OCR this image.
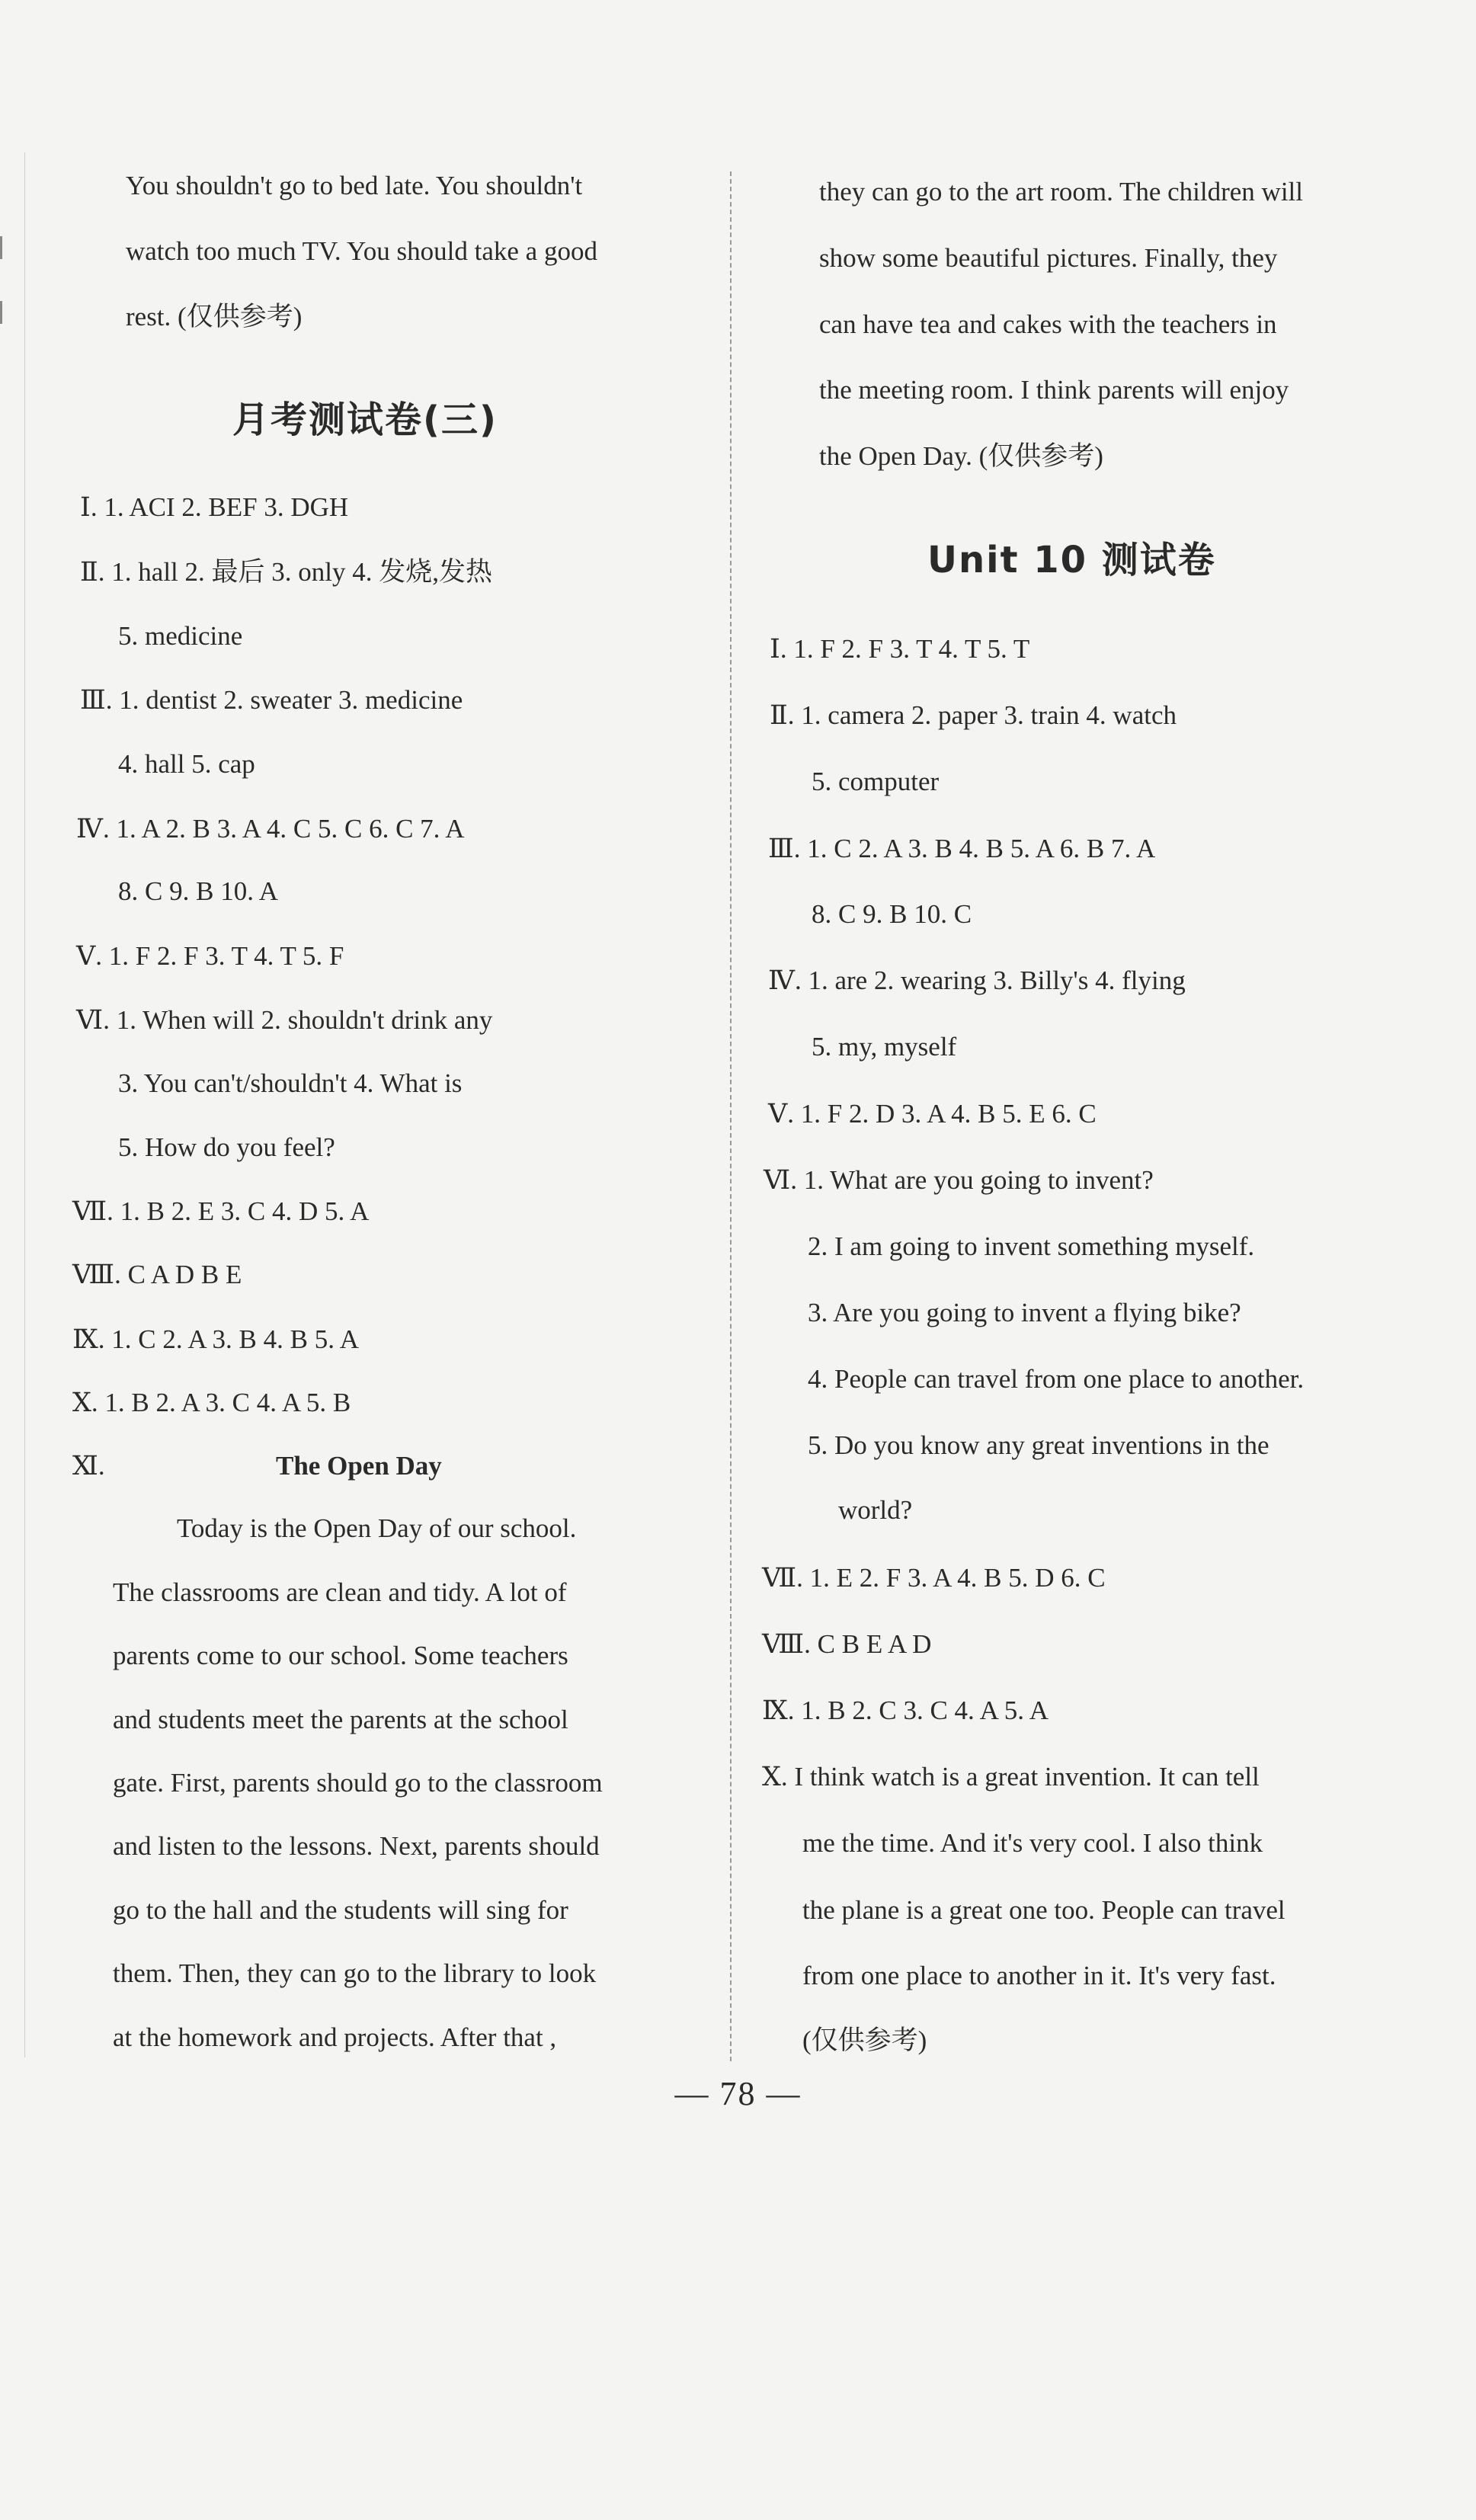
You shouldn't go to bed late. You shouldn't
watch too much TV. You should take a good
rest. (仅供参考)
月考测试卷(三)
Ⅰ. 1. ACI 2. BEF 3. DGH
Ⅱ. 1. hall 2. 最后 3. only 4. 发烧,发热
5. medicine
Ⅲ. 1. dentist 2. sweater 3. medicine
4. hall 5. cap
Ⅳ. 1. A 2. B 3. A 4. C 5. C 6. C 7. A
8. C 9. B 10. A
Ⅴ. 1. F 2. F 3. T 4. T 5. F
Ⅵ. 1. When will 2. shouldn't drink any
3. You can't/shouldn't 4. What is
5. How do you feel?
Ⅶ. 1. B 2. E 3. C 4. D 5. A
Ⅷ. C A D B E
Ⅸ. 1. C 2. A 3. B 4. B 5. A
Ⅹ. 1. B 2. A 3. C 4. A 5. B
Ⅺ.	The Open Day
Today is the Open Day of our school.
The classrooms are clean and tidy. A lot of
parents come to our school. Some teachers
and students meet the parents at the school
gate. First, parents should go to the classroom
and listen to the lessons. Next, parents should
go to the hall and the students will sing for
them. Then, they can go to the library to look
at the homework and projects. After that ,
they can go to the art room. The children will
show some beautiful pictures. Finally, they
can have tea and cakes with the teachers in
the meeting room. I think parents will enjoy
the Open Day. (仅供参考)
Unit 10 测试卷
Ⅰ. 1. F 2. F 3. T 4. T 5. T
Ⅱ. 1. camera 2. paper 3. train 4. watch
5. computer
Ⅲ. 1. C 2. A 3. B 4. B 5. A 6. B 7. A
8. C 9. B 10. C
Ⅳ. 1. are 2. wearing 3. Billy's 4. flying
5. my, myself
Ⅴ. 1. F 2. D 3. A 4. B 5. E 6. C
Ⅵ. 1. What are you going to invent?
2. I am going to invent something myself.
3. Are you going to invent a flying bike?
4. People can travel from one place to another.
5. Do you know any great inventions in the
world?
Ⅶ. 1. E 2. F 3. A 4. B 5. D 6. C
Ⅷ. C B E A D
Ⅸ. 1. B 2. C 3. C 4. A 5. A
Ⅹ. I think watch is a great invention. It can tell
me the time. And it's very cool. I also think
the plane is a great one too. People can travel
from one place to another in it. It's very fast.
(仅供参考)
— 78 —
